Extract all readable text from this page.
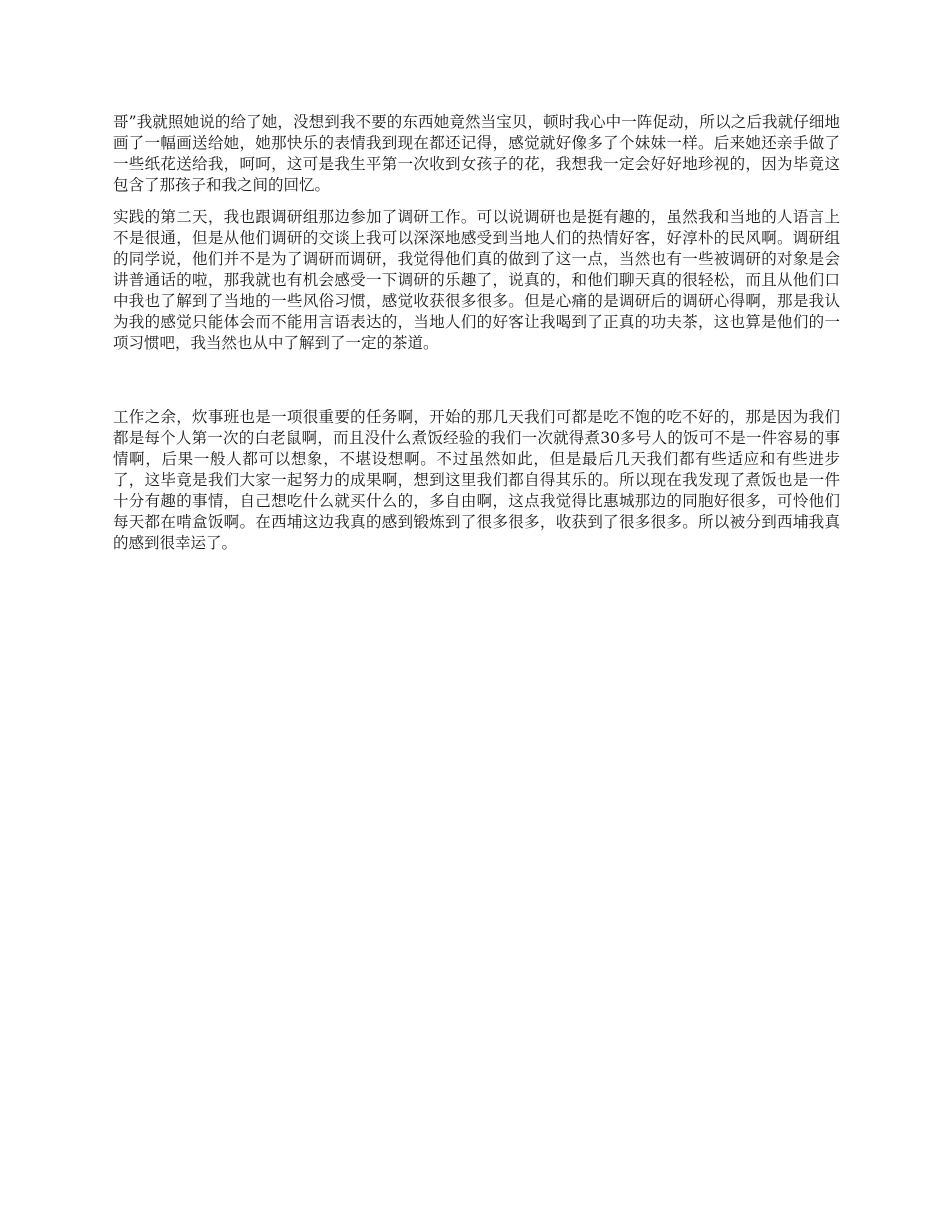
哥”我就照她说的给了她，没想到我不要的东西她竟然当宝贝，顿时我心中一阵促动，所以之后我就仔细地画了一幅画送给她，她那快乐的表情我到现在都还记得，感觉就好像多了个妹妹一样。后来她还亲手做了一些纸花送给我，呵呵，这可是我生平第一次收到女孩子的花，我想我一定会好好地珍视的，因为毕竟这包含了那孩子和我之间的回忆。

实践的第二天，我也跟调研组那边参加了调研工作。可以说调研也是挺有趣的，虽然我和当地的人语言上不是很通，但是从他们调研的交谈上我可以深深地感受到当地人们的热情好客，好淳朴的民风啊。调研组的同学说，他们并不是为了调研而调研，我觉得他们真的做到了这一点，当然也有一些被调研的对象是会讲普通话的啦，那我就也有机会感受一下调研的乐趣了，说真的，和他们聊天真的很轻松，而且从他们口中我也了解到了当地的一些风俗习惯，感觉收获很多很多。但是心痛的是调研后的调研心得啊，那是我认为我的感觉只能体会而不能用言语表达的，当地人们的好客让我喝到了正真的功夫茶，这也算是他们的一项习惯吧，我当然也从中了解到了一定的茶道。

工作之余，炊事班也是一项很重要的任务啊，开始的那几天我们可都是吃不饱的吃不好的，那是因为我们都是每个人第一次的白老鼠啊，而且没什么煮饭经验的我们一次就得煮30多号人的饭可不是一件容易的事情啊，后果一般人都可以想象，不堪设想啊。不过虽然如此，但是最后几天我们都有些适应和有些进步了，这毕竟是我们大家一起努力的成果啊，想到这里我们都自得其乐的。所以现在我发现了煮饭也是一件十分有趣的事情，自己想吃什么就买什么的，多自由啊，这点我觉得比惠城那边的同胞好很多，可怜他们每天都在啃盒饭啊。在西埔这边我真的感到锻炼到了很多很多，收获到了很多很多。所以被分到西埔我真的感到很幸运了。
